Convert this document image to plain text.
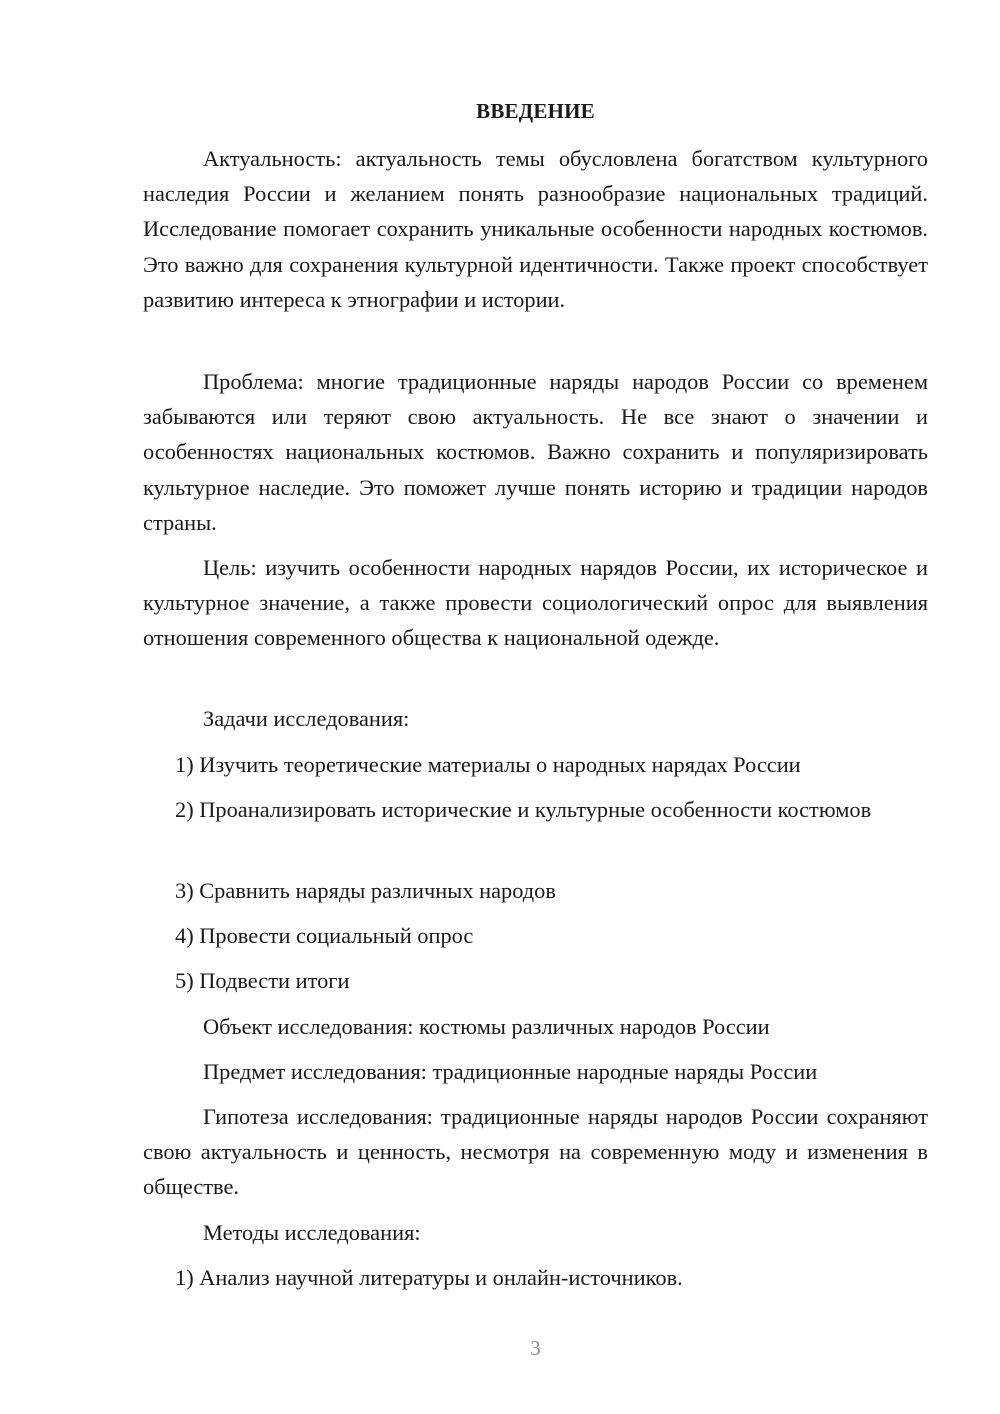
ВВЕДЕНИЕ

Актуальность: актуальность темы обусловлена богатством культурного наследия России и желанием понять разнообразие национальных традиций. Исследование помогает сохранить уникальные особенности народных костюмов. Это важно для сохранения культурной идентичности. Также проект способствует развитию интереса к этнографии и истории.

Проблема: многие традиционные наряды народов России со временем забываются или теряют свою актуальность. Не все знают о значении и особенностях национальных костюмов. Важно сохранить и популяризировать культурное наследие. Это поможет лучше понять историю и традиции народов страны.

Цель: изучить особенности народных нарядов России, их историческое и культурное значение, а также провести социологический опрос для выявления отношения современного общества к национальной одежде.

Задачи исследования:

1) Изучить теоретические материалы о народных нарядах России

2) Проанализировать исторические и культурные особенности костюмов

3) Сравнить наряды различных народов

4) Провести социальный опрос

5) Подвести итоги

Объект исследования: костюмы различных народов России

Предмет исследования: традиционные народные наряды России

Гипотеза исследования: традиционные наряды народов России сохраняют свою актуальность и ценность, несмотря на современную моду и изменения в обществе.

Методы исследования:

1) Анализ научной литературы и онлайн-источников.

3
